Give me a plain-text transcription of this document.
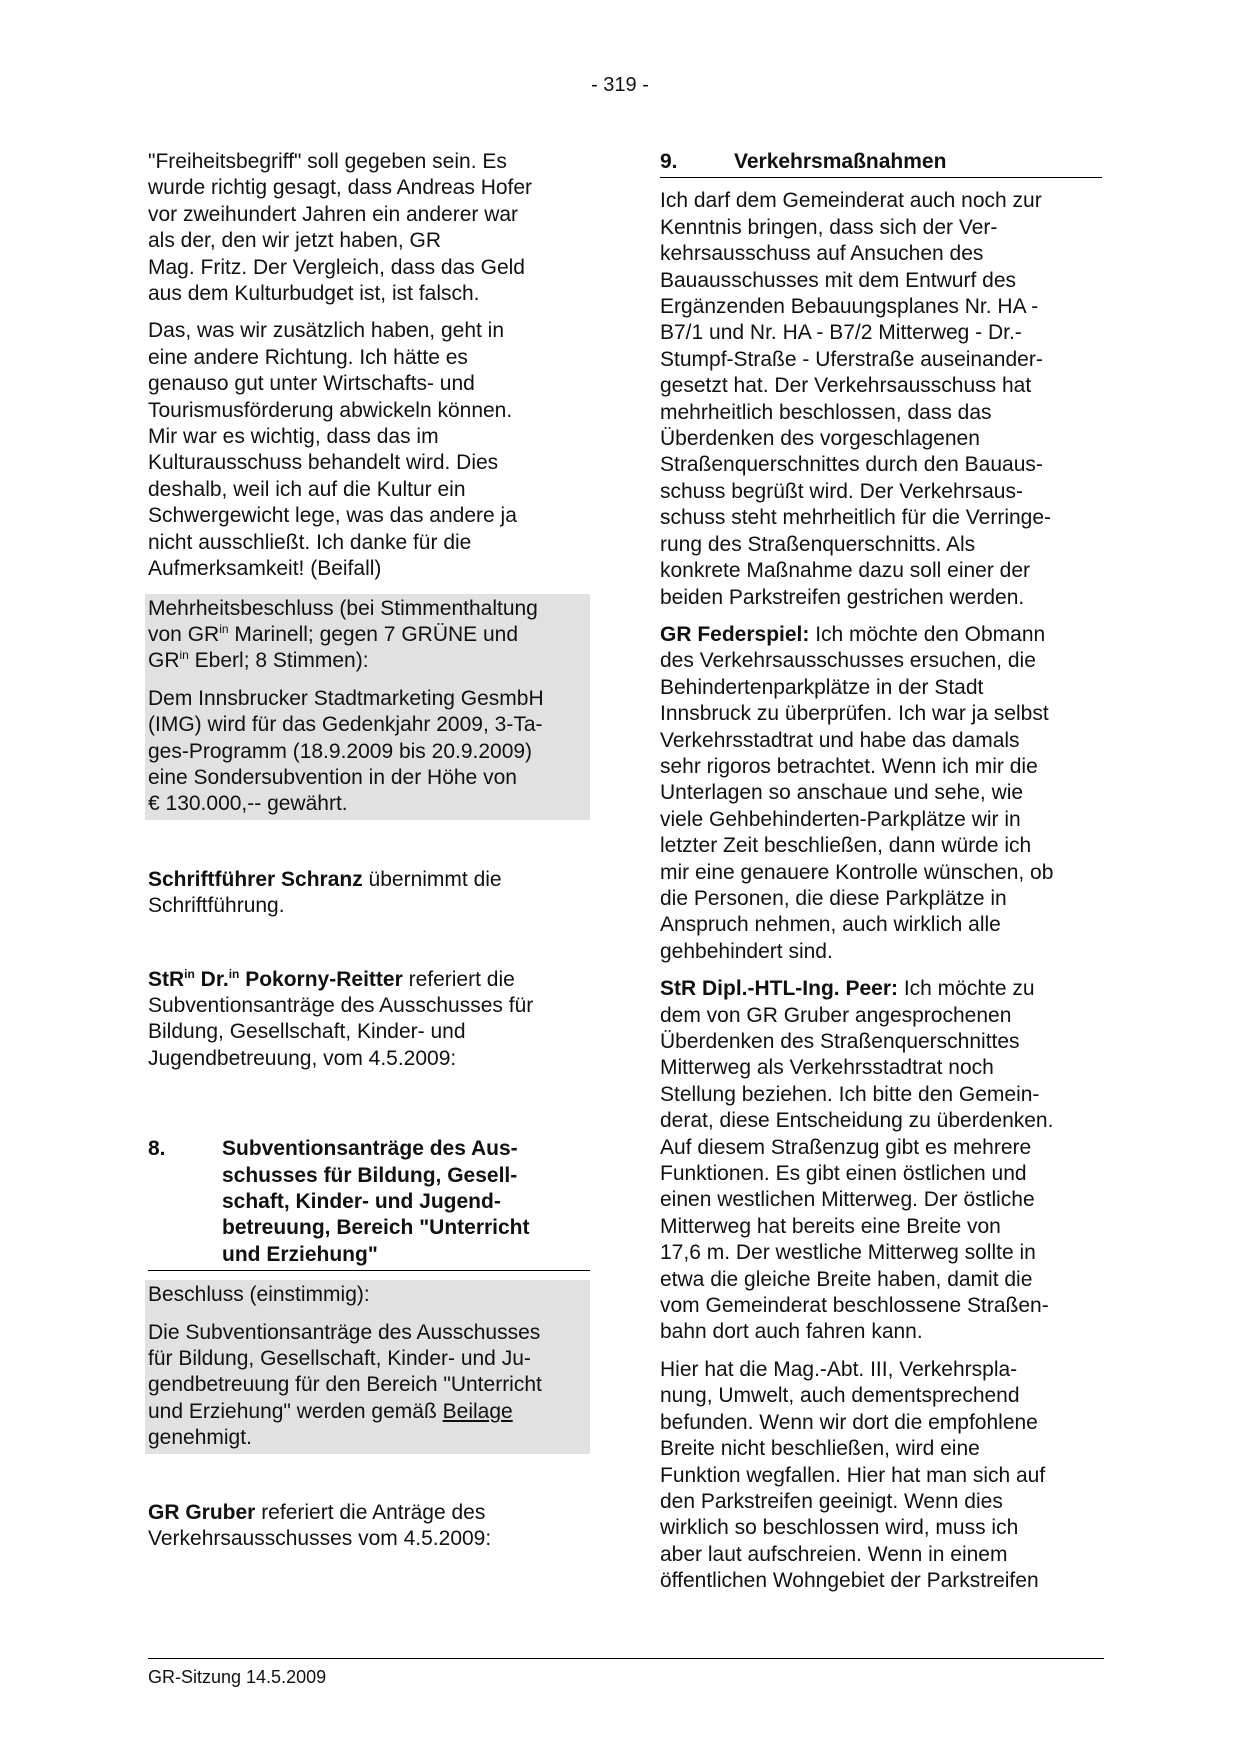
- 319 -

"Freiheitsbegriff" soll gegeben sein. Es
wurde richtig gesagt, dass Andreas Hofer
vor zweihundert Jahren ein anderer war
als der, den wir jetzt haben, GR
Mag. Fritz. Der Vergleich, dass das Geld
aus dem Kulturbudget ist, ist falsch.

Das, was wir zusätzlich haben, geht in
eine andere Richtung. Ich hätte es
genauso gut unter Wirtschafts- und
Tourismusförderung abwickeln können.
Mir war es wichtig, dass das im
Kulturausschuss behandelt wird. Dies
deshalb, weil ich auf die Kultur ein
Schwergewicht lege, was das andere ja
nicht ausschließt. Ich danke für die
Aufmerksamkeit! (Beifall)

Mehrheitsbeschluss (bei Stimmenthaltung
von $GR^{in}$ Marinell; gegen 7 GRÜNE und
$GR^{in}$ Eberl; 8 Stimmen):

Dem Innsbrucker Stadtmarketing GesmbH
(IMG) wird für das Gedenkjahr 2009, 3-Ta-
ges-Programm (18.9.2009 bis 20.9.2009)
eine Sondersubvention in der Höhe von
€ 130.000,-- gewährt.

Schriftführer Schranz übernimmt die
Schriftführung.

StR$^{in}$ Dr.$^{in}$ Pokorny-Reitter referiert die
Subventionsanträge des Ausschusses für
Bildung, Gesellschaft, Kinder- und
Jugendbetreuung, vom 4.5.2009:

8.	Subventionsanträge des Aus-
schusses für Bildung, Gesell-
schaft, Kinder- und Jugend-
betreuung, Bereich "Unterricht
und Erziehung"

Beschluss (einstimmig):

Die Subventionsanträge des Ausschusses
für Bildung, Gesellschaft, Kinder- und Ju-
gendbetreuung für den Bereich "Unterricht
und Erziehung" werden gemäß Beilage
genehmigt.

GR Gruber referiert die Anträge des
Verkehrsausschusses vom 4.5.2009:

9.	Verkehrsmaßnahmen

Ich darf dem Gemeinderat auch noch zur
Kenntnis bringen, dass sich der Ver-
kehrsausschuss auf Ansuchen des
Bauausschusses mit dem Entwurf des
Ergänzenden Bebauungsplanes Nr. HA -
B7/1 und Nr. HA - B7/2 Mitterweg - Dr.-
Stumpf-Straße - Uferstraße auseinander-
gesetzt hat. Der Verkehrsausschuss hat
mehrheitlich beschlossen, dass das
Überdenken des vorgeschlagenen
Straßenquerschnittes durch den Bauaus-
schuss begrüßt wird. Der Verkehrsaus-
schuss steht mehrheitlich für die Verringe-
rung des Straßenquerschnitts. Als
konkrete Maßnahme dazu soll einer der
beiden Parkstreifen gestrichen werden.

GR Federspiel: Ich möchte den Obmann
des Verkehrsausschusses ersuchen, die
Behindertenparkplätze in der Stadt
Innsbruck zu überprüfen. Ich war ja selbst
Verkehrsstadtrat und habe das damals
sehr rigoros betrachtet. Wenn ich mir die
Unterlagen so anschaue und sehe, wie
viele Gehbehinderten-Parkplätze wir in
letzter Zeit beschließen, dann würde ich
mir eine genauere Kontrolle wünschen, ob
die Personen, die diese Parkplätze in
Anspruch nehmen, auch wirklich alle
gehbehindert sind.

StR Dipl.-HTL-Ing. Peer: Ich möchte zu
dem von GR Gruber angesprochenen
Überdenken des Straßenquerschnittes
Mitterweg als Verkehrsstadtrat noch
Stellung beziehen. Ich bitte den Gemein-
derat, diese Entscheidung zu überdenken.
Auf diesem Straßenzug gibt es mehrere
Funktionen. Es gibt einen östlichen und
einen westlichen Mitterweg. Der östliche
Mitterweg hat bereits eine Breite von
17,6 m. Der westliche Mitterweg sollte in
etwa die gleiche Breite haben, damit die
vom Gemeinderat beschlossene Straßen-
bahn dort auch fahren kann.

Hier hat die Mag.-Abt. III, Verkehrspla-
nung, Umwelt, auch dementsprechend
befunden. Wenn wir dort die empfohlene
Breite nicht beschließen, wird eine
Funktion wegfallen. Hier hat man sich auf
den Parkstreifen geeinigt. Wenn dies
wirklich so beschlossen wird, muss ich
aber laut aufschreien. Wenn in einem
öffentlichen Wohngebiet der Parkstreifen

GR-Sitzung 14.5.2009
